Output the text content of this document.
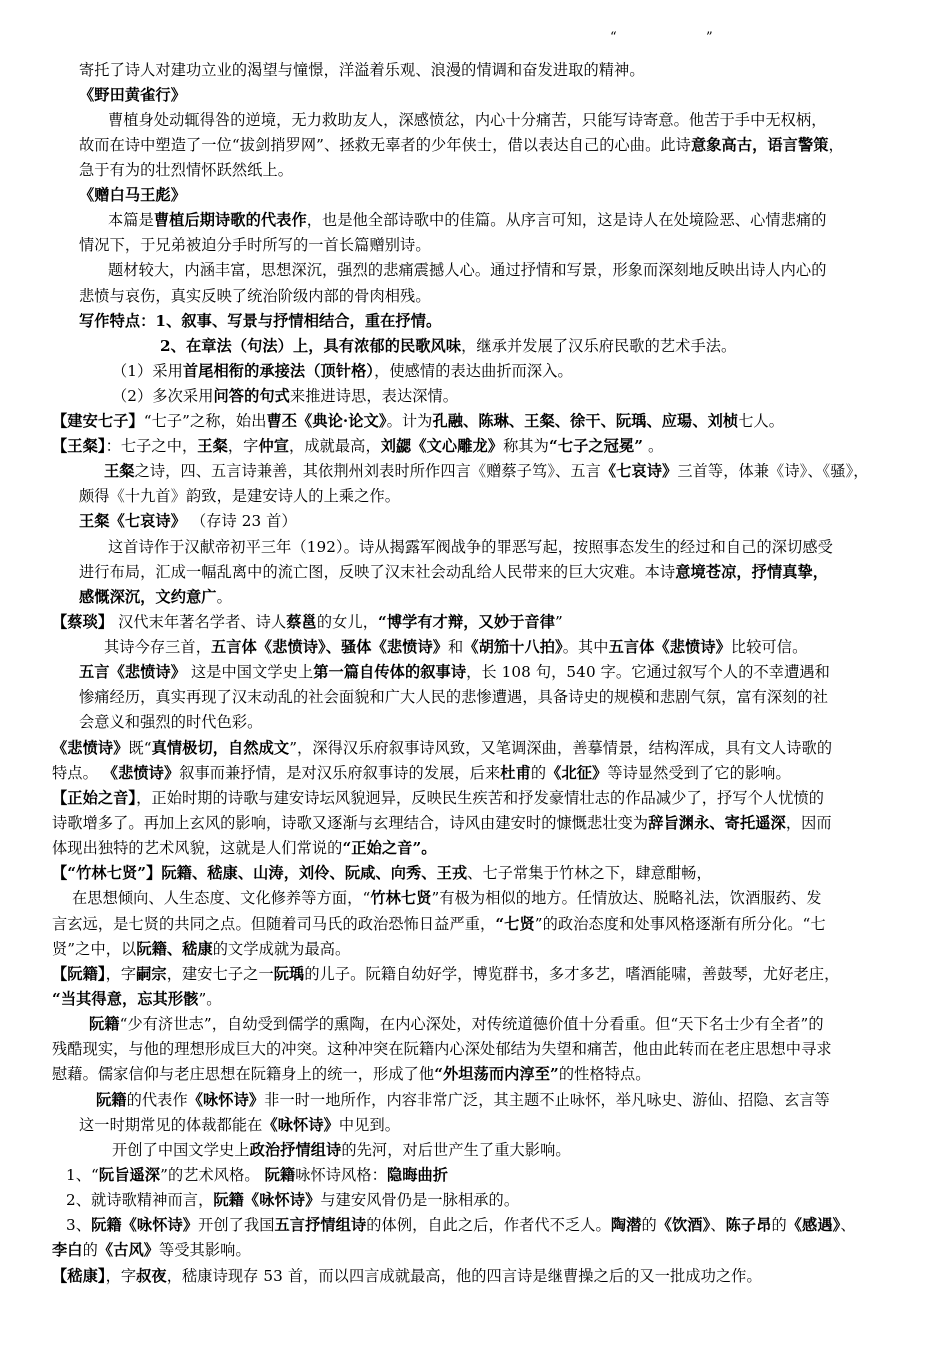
“	”
寄托了诗人对建功立业的渴望与憧憬，洋溢着乐观、浪漫的情调和奋发进取的精神。
《野田黄雀行》
曹植身处动辄得咎的逆境，无力救助友人，深感愤忿，内心十分痛苦，只能写诗寄意。他苦于手中无权柄，
故而在诗中塑造了一位“拔剑捎罗网”、拯救无辜者的少年侠士，借以表达自己的心曲。此诗意象高古，语言警策，
急于有为的壮烈情怀跃然纸上。
《赠白马王彪》
本篇是曹植后期诗歌的代表作，也是他全部诗歌中的佳篇。从序言可知，这是诗人在处境险恶、心情悲痛的
情况下，于兄弟被迫分手时所写的一首长篇赠别诗。
题材较大，内涵丰富，思想深沉，强烈的悲痛震撼人心。通过抒情和写景，形象而深刻地反映出诗人内心的
悲愤与哀伤，真实反映了统治阶级内部的骨肉相残。
写作特点：1、叙事、写景与抒情相结合，重在抒情。
2、在章法（句法）上，具有浓郁的民歌风味，继承并发展了汉乐府民歌的艺术手法。
（1）采用首尾相衔的承接法（顶针格），使感情的表达曲折而深入。
（2）多次采用问答的句式来推进诗思，表达深情。
【建安七子】“七子”之称，始出曹丕《典论·论文》。计为孔融、陈琳、王粲、徐干、阮瑀、应瑒、刘桢七人。
【王粲】：七子之中，王粲，字仲宣，成就最高，刘勰《文心雕龙》称其为“七子之冠冕” 。
王粲之诗，四、五言诗兼善，其依荆州刘表时所作四言《赠蔡子笃》、五言《七哀诗》三首等，体兼《诗》、《骚》，
颇得《十九首》韵致，是建安诗人的上乘之作。
王粲《七哀诗》 （存诗 23 首）
这首诗作于汉献帝初平三年（192）。诗从揭露军阀战争的罪恶写起，按照事态发生的经过和自己的深切感受
进行布局，汇成一幅乱离中的流亡图，反映了汉末社会动乱给人民带来的巨大灾难。本诗意境苍凉，抒情真挚，
感慨深沉，文约意广。
【蔡琰】 汉代末年著名学者、诗人蔡邕的女儿，“博学有才辩，又妙于音律”
其诗今存三首，五言体《悲愤诗》、骚体《悲愤诗》和《胡笳十八拍》。其中五言体《悲愤诗》比较可信。
五言《悲愤诗》 这是中国文学史上第一篇自传体的叙事诗，长 108 句，540 字。它通过叙写个人的不幸遭遇和
惨痛经历，真实再现了汉末动乱的社会面貌和广大人民的悲惨遭遇，具备诗史的规模和悲剧气氛，富有深刻的社
会意义和强烈的时代色彩。
《悲愤诗》既“真情极切，自然成文”，深得汉乐府叙事诗风致，又笔调深曲，善摹情景，结构浑成，具有文人诗歌的
特点。 《悲愤诗》叙事而兼抒情，是对汉乐府叙事诗的发展，后来杜甫的《北征》等诗显然受到了它的影响。
【正始之音】，正始时期的诗歌与建安诗坛风貌迥异，反映民生疾苦和抒发豪情壮志的作品减少了，抒写个人忧愤的
诗歌增多了。再加上玄风的影响，诗歌又逐渐与玄理结合，诗风由建安时的慷慨悲壮变为辞旨渊永、寄托遥深，因而
体现出独特的艺术风貌，这就是人们常说的“正始之音”。
【“竹林七贤”】阮籍、嵇康、山涛，刘伶、阮咸、向秀、王戎、七子常集于竹林之下，肆意酣畅，
在思想倾向、人生态度、文化修养等方面，“竹林七贤”有极为相似的地方。任情放达、脱略礼法，饮酒服药、发
言玄远，是七贤的共同之点。但随着司马氏的政治恐怖日益严重，“七贤”的政治态度和处事风格逐渐有所分化。“七
贤”之中，以阮籍、嵇康的文学成就为最高。
【阮籍】，字嗣宗，建安七子之一阮瑀的儿子。阮籍自幼好学，博览群书，多才多艺，嗜酒能啸，善鼓琴，尤好老庄，
“当其得意，忘其形骸”。
阮籍“少有济世志”，自幼受到儒学的熏陶，在内心深处，对传统道德价值十分看重。但“天下名士少有全者”的
残酷现实，与他的理想形成巨大的冲突。这种冲突在阮籍内心深处郁结为失望和痛苦，他由此转而在老庄思想中寻求
慰藉。儒家信仰与老庄思想在阮籍身上的统一，形成了他“外坦荡而内淳至”的性格特点。
阮籍的代表作《咏怀诗》非一时一地所作，内容非常广泛，其主题不止咏怀，举凡咏史、游仙、招隐、玄言等
这一时期常见的体裁都能在《咏怀诗》中见到。
开创了中国文学史上政治抒情组诗的先河，对后世产生了重大影响。
1、“阮旨遥深”的艺术风格。 阮籍咏怀诗风格：隐晦曲折
2、就诗歌精神而言，阮籍《咏怀诗》与建安风骨仍是一脉相承的。
3、阮籍《咏怀诗》开创了我国五言抒情组诗的体例，自此之后，作者代不乏人。陶潜的《饮酒》、陈子昂的《感遇》、
李白的《古风》等受其影响。
【嵇康】，字叔夜，嵇康诗现存 53 首，而以四言成就最高，他的四言诗是继曹操之后的又一批成功之作。
